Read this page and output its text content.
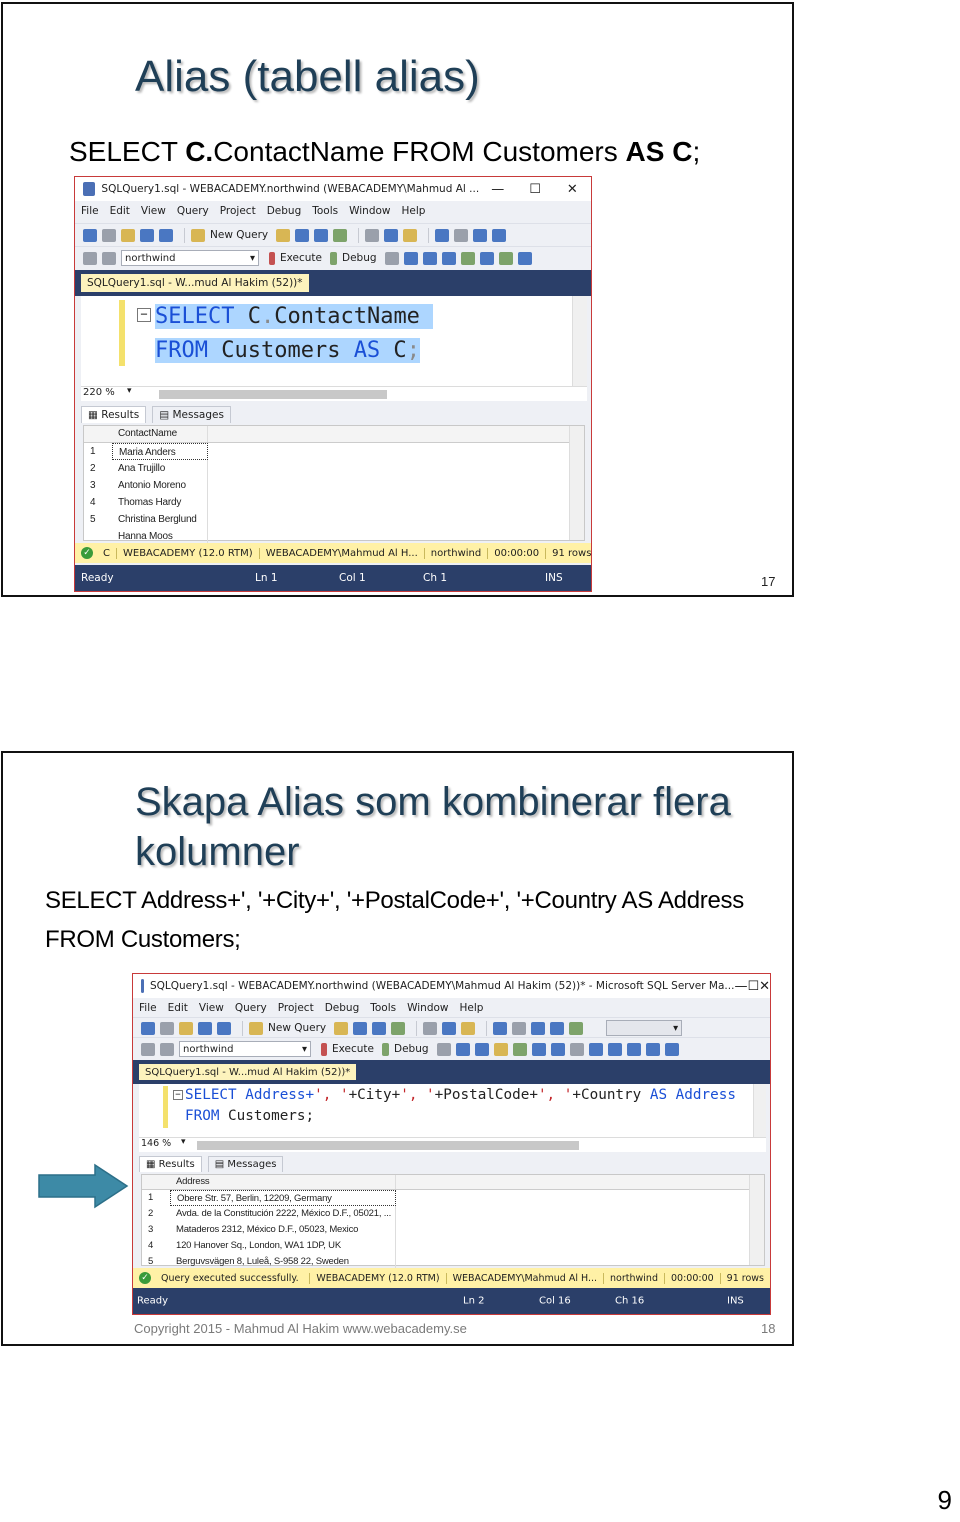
Alias (tabell alias)
SELECT C.ContactName FROM Customers AS C;
SQLQuery1.sql - WEBACADEMY.northwind (WEBACADEMY\Mahmud Al ... —	☐	✕
File Edit View Query Project Debug Tools Window Help
New Query
northwind	▾ Execute Debug
SQLQuery1.sql - W...mud Al Hakim (52))*
− SELECT C.ContactName
FROM Customers AS C;
220 % ▾
▦ Results	▤ Messages
ContactName
1	Maria Anders
2	Ana Trujillo
3	Antonio Moreno
4	Thomas Hardy
5	Christina Berglund
Hanna Moos
✓	C	WEBACADEMY (12.0 RTM)	WEBACADEMY\Mahmud Al H...	northwind	00:00:00	91 rows
Ready	Ln 1	Col 1	Ch 1	INS	17
Skapa Alias som kombinerar flera
kolumner
SELECT Address+', '+City+', '+PostalCode+', '+Country AS Address
FROM Customers;
SQLQuery1.sql - WEBACADEMY.northwind (WEBACADEMY\Mahmud Al Hakim (52))* - Microsoft SQL Server Ma... — ☐ ✕
File Edit View Query Project Debug Tools Window Help
New Query	▾
northwind	▾ Execute Debug
SQLQuery1.sql - W...mud Al Hakim (52))*
− SELECT Address+', '+City+', '+PostalCode+', '+Country AS Address
FROM Customers;
146 % ▾
▦ Results	▤ Messages
Address
1	Obere Str. 57, Berlin, 12209, Germany
2	Avda. de la Constitución 2222, México D.F., 05021, ...
3	Mataderos 2312, México D.F., 05023, Mexico
4	120 Hanover Sq., London, WA1 1DP, UK
5	Berguvsvägen 8, Luleå, S-958 22, Sweden
✓	Query executed successfully.	WEBACADEMY (12.0 RTM)	WEBACADEMY\Mahmud Al H...	northwind	00:00:00	91 rows
Ready	Ln 2	Col 16	Ch 16	INS
Copyright 2015 - Mahmud Al Hakim www.webacademy.se	18
9
